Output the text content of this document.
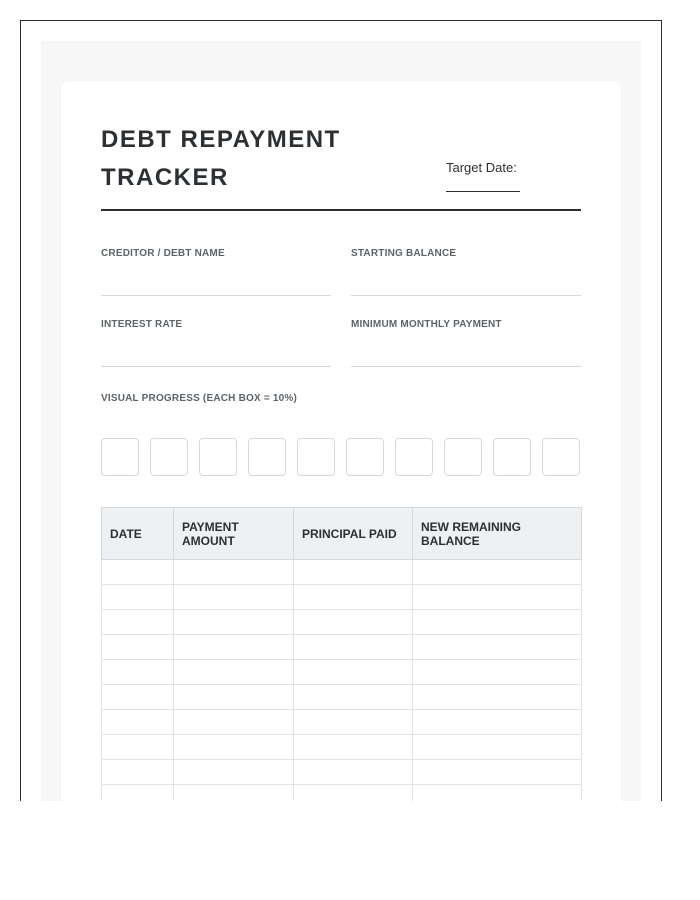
DEBT REPAYMENT
TRACKER	Target Date:
CREDITOR / DEBT NAME	STARTING BALANCE
INTEREST RATE	MINIMUM MONTHLY PAYMENT
VISUAL PROGRESS (EACH BOX = 10%)
DATE	PAYMENT AMOUNT	PRINCIPAL PAID	NEW REMAINING BALANCE
